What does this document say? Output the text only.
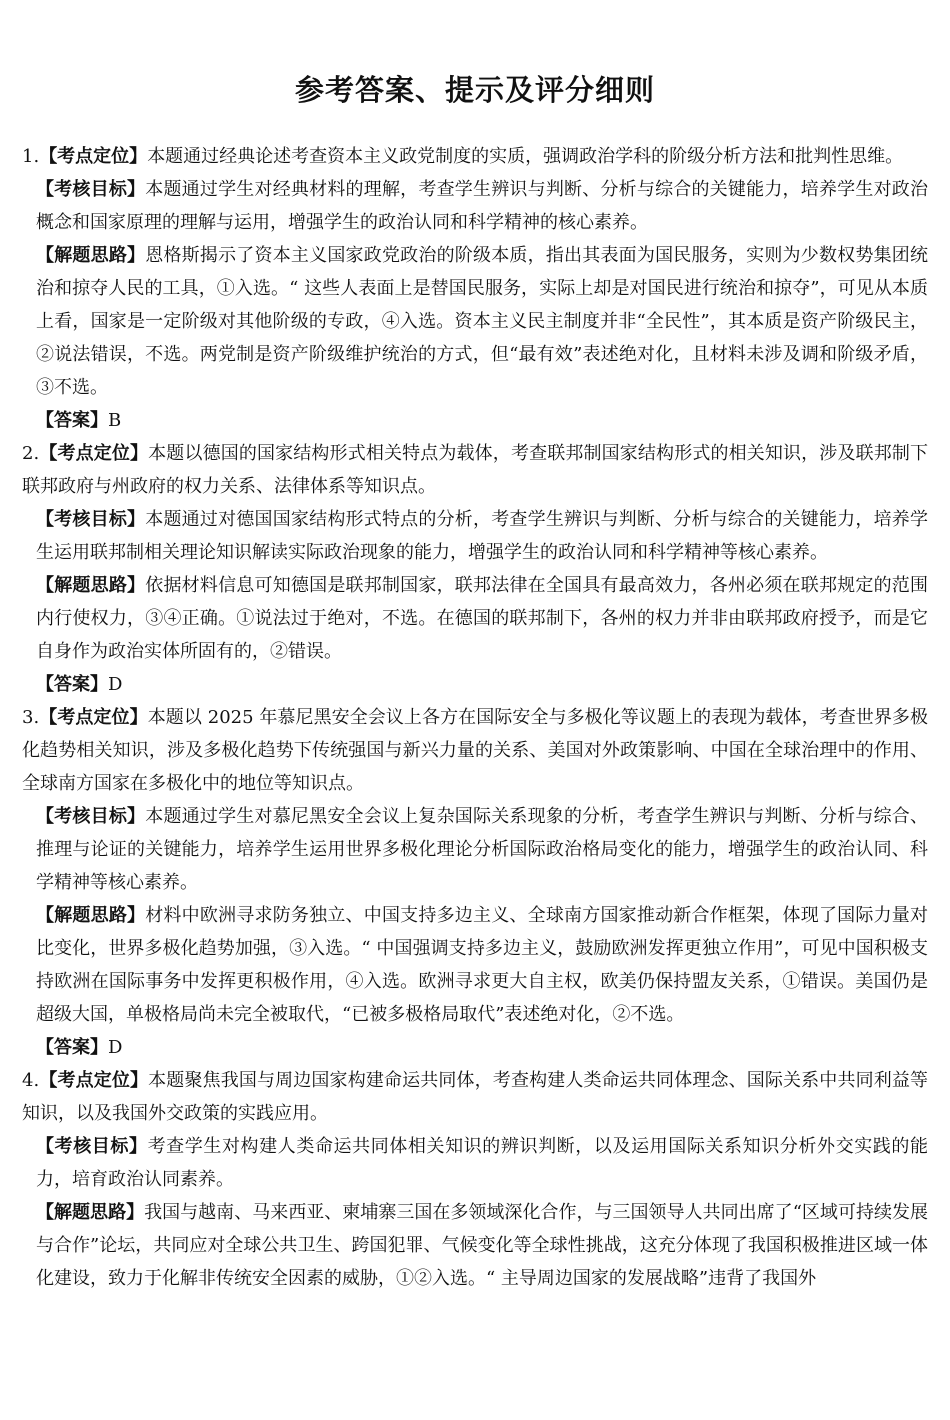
参考答案、提示及评分细则

1.【考点定位】本题通过经典论述考查资本主义政党制度的实质，强调政治学科的阶级分析方法和批判性思维。

【考核目标】本题通过学生对经典材料的理解，考查学生辨识与判断、分析与综合的关键能力，培养学生对政治概念和国家原理的理解与运用，增强学生的政治认同和科学精神的核心素养。

【解题思路】恩格斯揭示了资本主义国家政党政治的阶级本质，指出其表面为国民服务，实则为少数权势集团统治和掠夺人民的工具，①入选。“ 这些人表面上是替国民服务，实际上却是对国民进行统治和掠夺”，可见从本质上看，国家是一定阶级对其他阶级的专政，④入选。资本主义民主制度并非“全民性”，其本质是资产阶级民主，②说法错误，不选。两党制是资产阶级维护统治的方式，但“最有效”表述绝对化，且材料未涉及调和阶级矛盾，③不选。

【答案】B

2.【考点定位】本题以德国的国家结构形式相关特点为载体，考查联邦制国家结构形式的相关知识，涉及联邦制下联邦政府与州政府的权力关系、法律体系等知识点。

【考核目标】本题通过对德国国家结构形式特点的分析，考查学生辨识与判断、分析与综合的关键能力，培养学生运用联邦制相关理论知识解读实际政治现象的能力，增强学生的政治认同和科学精神等核心素养。

【解题思路】依据材料信息可知德国是联邦制国家，联邦法律在全国具有最高效力，各州必须在联邦规定的范围内行使权力，③④正确。①说法过于绝对，不选。在德国的联邦制下，各州的权力并非由联邦政府授予，而是它自身作为政治实体所固有的，②错误。

【答案】D

3.【考点定位】本题以 2025 年慕尼黑安全会议上各方在国际安全与多极化等议题上的表现为载体，考查世界多极化趋势相关知识，涉及多极化趋势下传统强国与新兴力量的关系、美国对外政策影响、中国在全球治理中的作用、全球南方国家在多极化中的地位等知识点。

【考核目标】本题通过学生对慕尼黑安全会议上复杂国际关系现象的分析，考查学生辨识与判断、分析与综合、推理与论证的关键能力，培养学生运用世界多极化理论分析国际政治格局变化的能力，增强学生的政治认同、科学精神等核心素养。

【解题思路】材料中欧洲寻求防务独立、中国支持多边主义、全球南方国家推动新合作框架，体现了国际力量对比变化，世界多极化趋势加强，③入选。“ 中国强调支持多边主义，鼓励欧洲发挥更独立作用”，可见中国积极支持欧洲在国际事务中发挥更积极作用，④入选。欧洲寻求更大自主权，欧美仍保持盟友关系，①错误。美国仍是超级大国，单极格局尚未完全被取代，“已被多极格局取代”表述绝对化，②不选。

【答案】D

4.【考点定位】本题聚焦我国与周边国家构建命运共同体，考查构建人类命运共同体理念、国际关系中共同利益等知识，以及我国外交政策的实践应用。

【考核目标】考查学生对构建人类命运共同体相关知识的辨识判断，以及运用国际关系知识分析外交实践的能力，培育政治认同素养。

【解题思路】我国与越南、马来西亚、柬埔寨三国在多领域深化合作，与三国领导人共同出席了“区域可持续发展与合作”论坛，共同应对全球公共卫生、跨国犯罪、气候变化等全球性挑战，这充分体现了我国积极推进区域一体化建设，致力于化解非传统安全因素的威胁，①②入选。“ 主导周边国家的发展战略”违背了我国外
